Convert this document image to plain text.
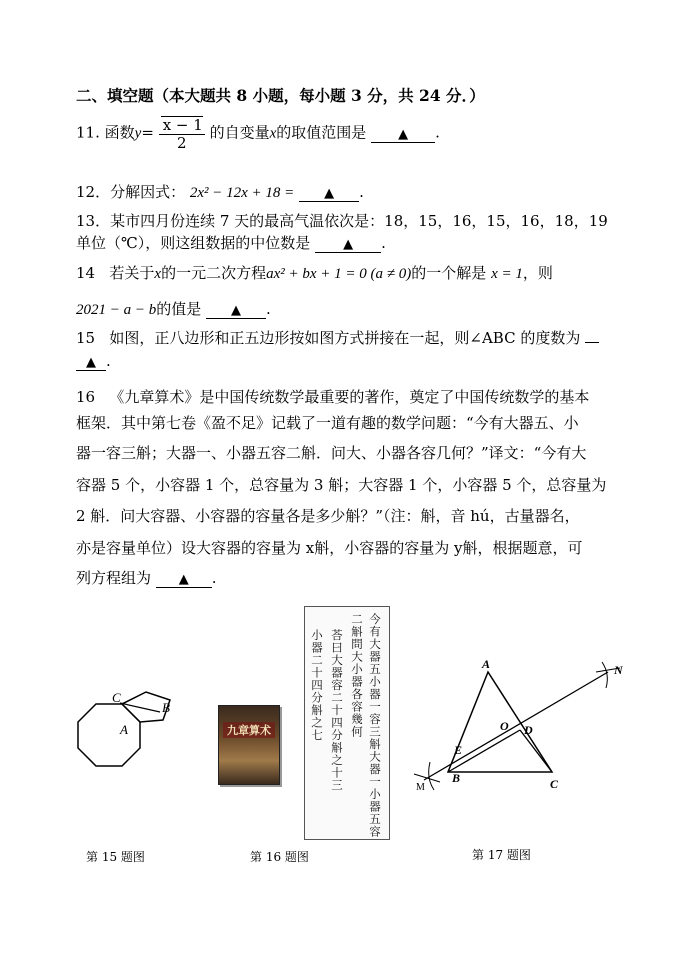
二、填空题（本大题共 8 小题，每小题 3 分，共 24 分．）
11. 函数$y= \frac{x - 1}{2}$ 的自变量x的取值范围是 ▲ .
12．分解因式： 2x² − 12x + 18 = ▲ .
13．某市四月份连续 7 天的最高气温依次是：18，15，16，15，16，18，19
单位（℃），则这组数据的中位数是	▲ .
14 若关于x的一元二次方程ax² + bx + 1 = 0 (a ≠ 0)的一个解是 x = 1，则
2021 − a − b的值是 ▲ .
15 如图，正八边形和正五边形按如图方式拼接在一起，则∠ABC 的度数为
▲ .
16 《九章算术》是中国传统数学最重要的著作，奠定了中国传统数学的基本
框架．其中第七卷《盈不足》记载了一道有趣的数学问题：“今有大器五、小
器一容三斛；大器一、小器五容二斛．问大、小器各容几何？”译文：“今有大
容器 5 个，小容器 1 个，总容量为 3 斛；大容器 1 个，小容器 5 个，总容量为
2 斛．问大容器、小容器的容量各是多少斛？”（注：斛，音 hú，古量器名，
亦是容量单位）设大容器的容量为 x斛，小容器的容量为 y斛，根据题意，可
列方程组为 ▲ .
C
B
A
第 15 题图
九章算术	今有大器五小器一容三斛大器一小器五容
二斛問大小器各容幾何
荅曰大器容二十四分斛之十三
小器二十四分斛之七
第 16 题图
A	N
O D
E
B	C
M
第 17 题图
